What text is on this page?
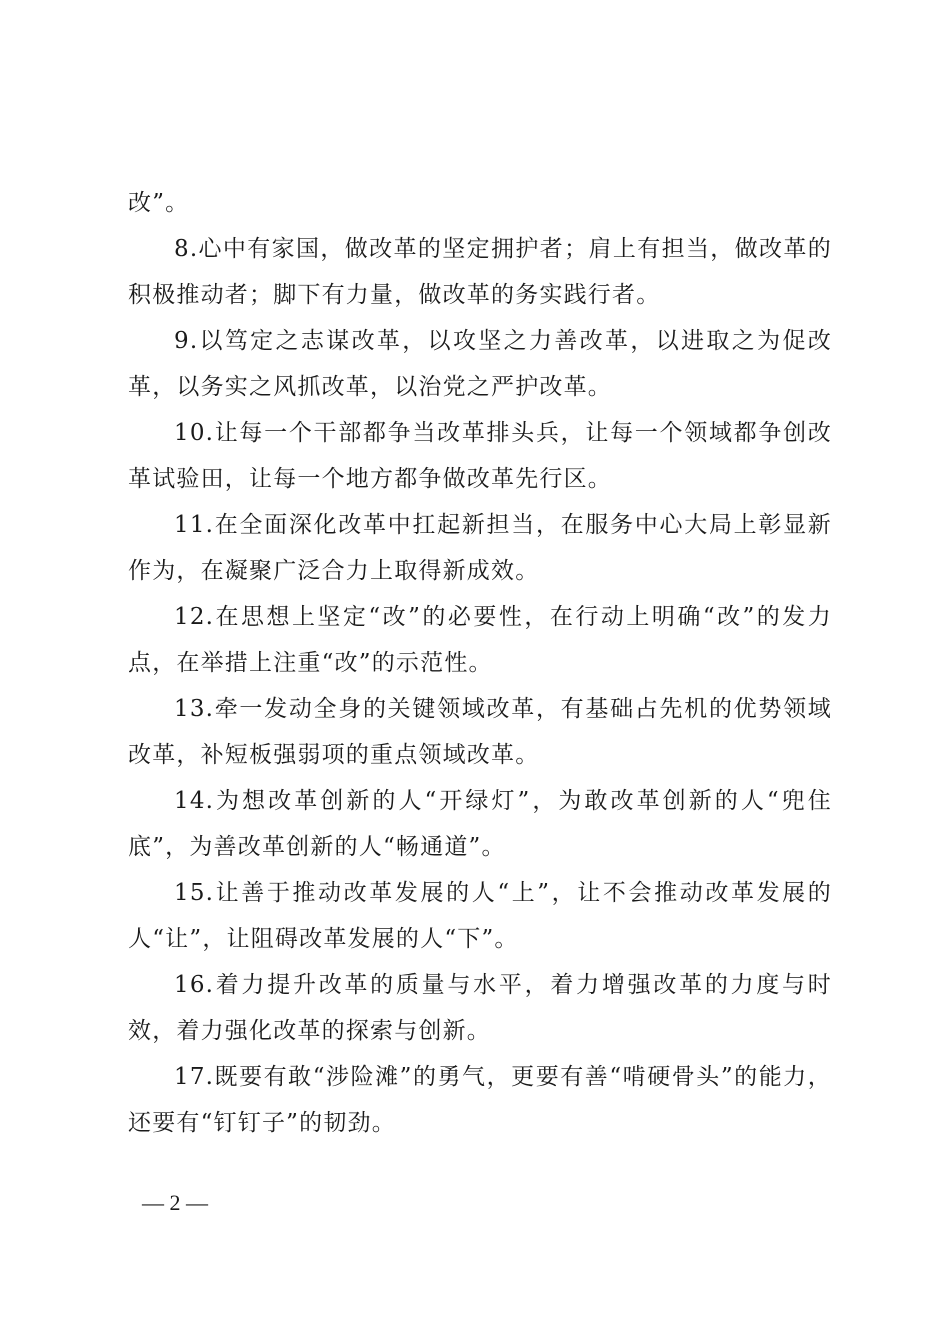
改”。

8.心中有家国，做改革的坚定拥护者；肩上有担当，做改革的积极推动者；脚下有力量，做改革的务实践行者。

9.以笃定之志谋改革，以攻坚之力善改革，以进取之为促改革，以务实之风抓改革，以治党之严护改革。

10.让每一个干部都争当改革排头兵，让每一个领域都争创改革试验田，让每一个地方都争做改革先行区。

11.在全面深化改革中扛起新担当，在服务中心大局上彰显新作为，在凝聚广泛合力上取得新成效。

12.在思想上坚定“改”的必要性，在行动上明确“改”的发力点，在举措上注重“改”的示范性。

13.牵一发动全身的关键领域改革，有基础占先机的优势领域改革，补短板强弱项的重点领域改革。

14.为想改革创新的人“开绿灯”，为敢改革创新的人“兜住底”，为善改革创新的人“畅通道”。

15.让善于推动改革发展的人“上”，让不会推动改革发展的人“让”，让阻碍改革发展的人“下”。

16.着力提升改革的质量与水平，着力增强改革的力度与时效，着力强化改革的探索与创新。

17.既要有敢“涉险滩”的勇气，更要有善“啃硬骨头”的能力，还要有“钉钉子”的韧劲。

— 2 —
